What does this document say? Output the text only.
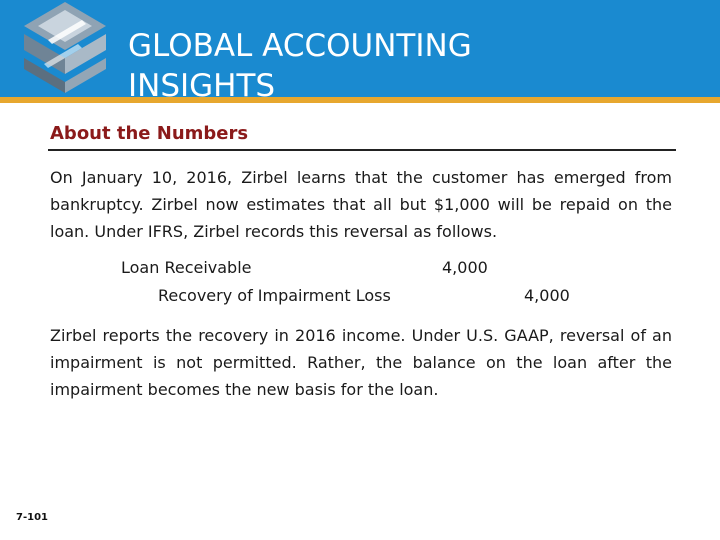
GLOBAL ACCOUNTING INSIGHTS
About the Numbers

On January 10, 2016, Zirbel learns that the customer has emerged from bankruptcy. Zirbel now estimates that all but $1,000 will be repaid on the loan. Under IFRS, Zirbel records this reversal as follows.

Loan Receivable	4,000
Recovery of Impairment Loss	4,000

Zirbel reports the recovery in 2016 income. Under U.S. GAAP, reversal of an impairment is not permitted. Rather, the balance on the loan after the impairment becomes the new basis for the loan.

7-101
